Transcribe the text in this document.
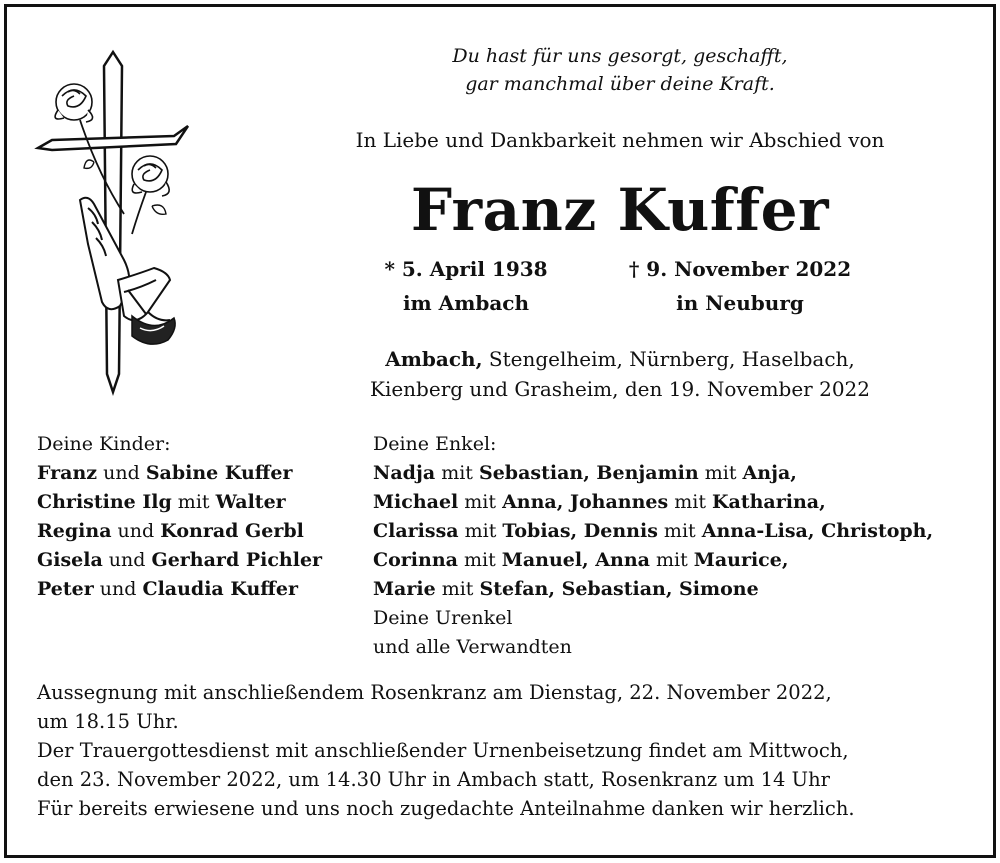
Du hast für uns gesorgt, geschafft,
gar manchmal über deine Kraft.
In Liebe und Dankbarkeit nehmen wir Abschied von
Franz Kuffer
* 5. April 1938
im Ambach
† 9. November 2022
in Neuburg
Ambach, Stengelheim, Nürnberg, Haselbach,
Kienberg und Grasheim, den 19. November 2022
Deine Kinder:
Franz und Sabine Kuffer
Christine Ilg mit Walter
Regina und Konrad Gerbl
Gisela und Gerhard Pichler
Peter und Claudia Kuffer
Deine Enkel:
Nadja mit Sebastian, Benjamin mit Anja,
Michael mit Anna, Johannes mit Katharina,
Clarissa mit Tobias, Dennis mit Anna-Lisa, Christoph,
Corinna mit Manuel, Anna mit Maurice,
Marie mit Stefan, Sebastian, Simone
Deine Urenkel
und alle Verwandten
Aussegnung mit anschließendem Rosenkranz am Dienstag, 22. November 2022,
um 18.15 Uhr.
Der Trauergottesdienst mit anschließender Urnenbeisetzung findet am Mittwoch,
den 23. November 2022, um 14.30 Uhr in Ambach statt, Rosenkranz um 14 Uhr
Für bereits erwiesene und uns noch zugedachte Anteilnahme danken wir herzlich.
